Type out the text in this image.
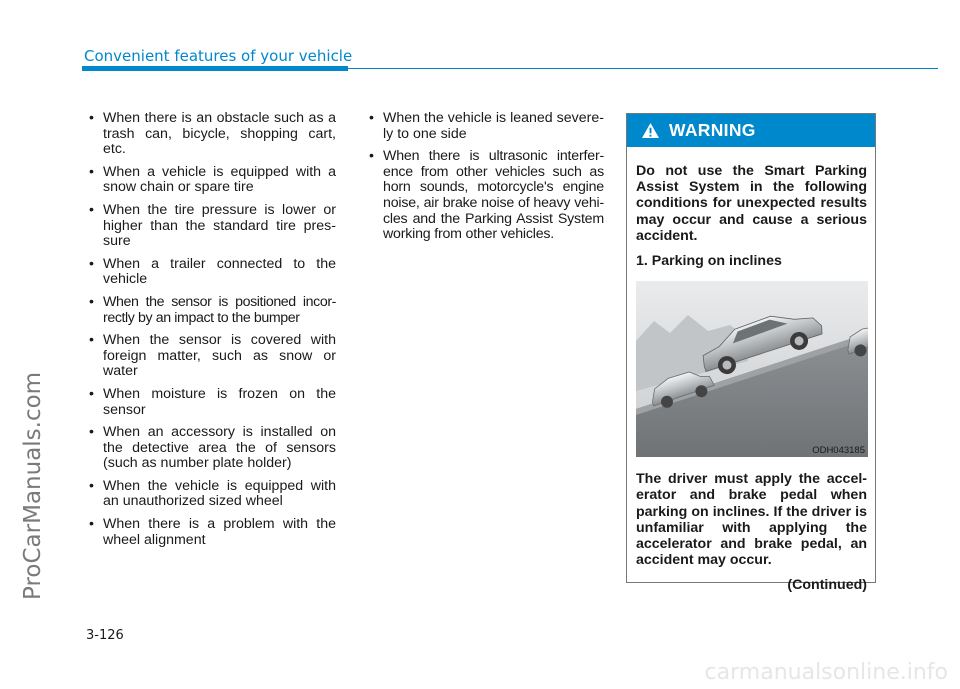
Convenient features of your vehicle
ProCarManuals.com
• When there is an obstacle such as a trash can, bicycle, shopping cart, etc.
• When a vehicle is equipped with a snow chain or spare tire
• When the tire pressure is lower or higher than the standard tire pres-sure
• When a trailer connected to the vehicle
• When the sensor is positioned incor-rectly by an impact to the bumper
• When the sensor is covered with foreign matter, such as snow or water
• When moisture is frozen on the sensor
• When an accessory is installed on the detective area the of sensors (such as number plate holder)
• When the vehicle is equipped with an unauthorized sized wheel
• When there is a problem with the wheel alignment
• When the vehicle is leaned severe-ly to one side
• When there is ultrasonic interfer-ence from other vehicles such as horn sounds, motorcycle's engine noise, air brake noise of heavy vehi-cles and the Parking Assist System working from other vehicles.
WARNING

Do not use the Smart Parking Assist System in the following conditions for unexpected results may occur and cause a serious accident.

1. Parking on inclines

ODH043185

The driver must apply the accel-erator and brake pedal when parking on inclines. If the driver is unfamiliar with applying the accelerator and brake pedal, an accident may occur.

(Continued)

3-126
carmanualsonline.info
